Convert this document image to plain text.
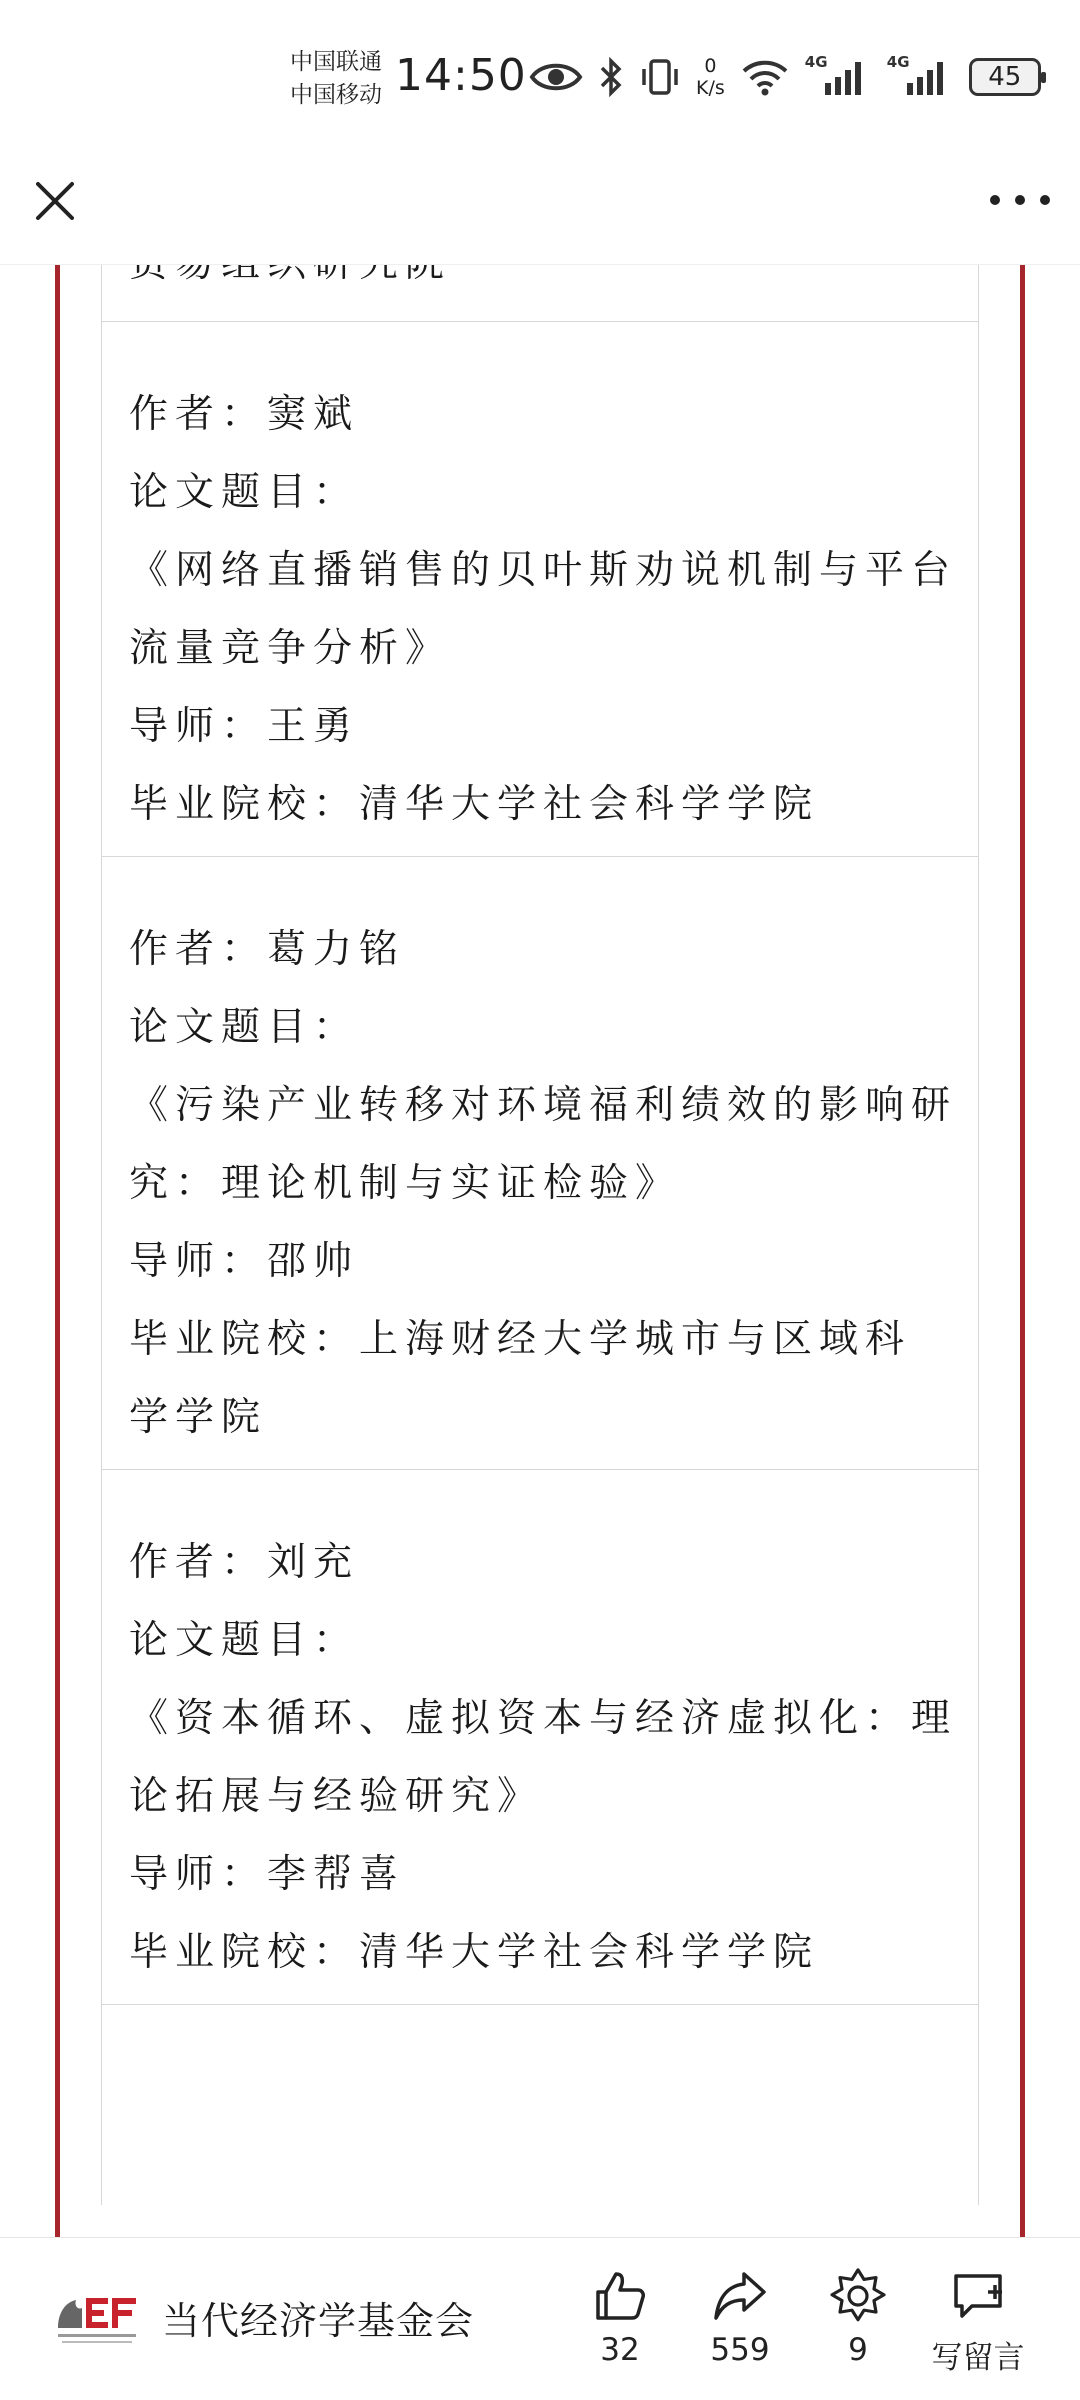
中国联通
中国移动 14:50	0
K/s
4G	4G	45
作者：窦斌
论文题目：
《网络直播销售的贝叶斯劝说机制与平台
流量竞争分析》
导师：王勇
毕业院校：清华大学社会科学学院
作者：葛力铭
论文题目：
《污染产业转移对环境福利绩效的影响研
究：理论机制与实证检验》
导师：邵帅
毕业院校：上海财经大学城市与区域科
学学院
作者：刘充
论文题目：
《资本循环、虚拟资本与经济虚拟化：理
论拓展与经验研究》
导师：李帮喜
毕业院校：清华大学社会科学学院
当代经济学基金会
32	559	9	写留言
